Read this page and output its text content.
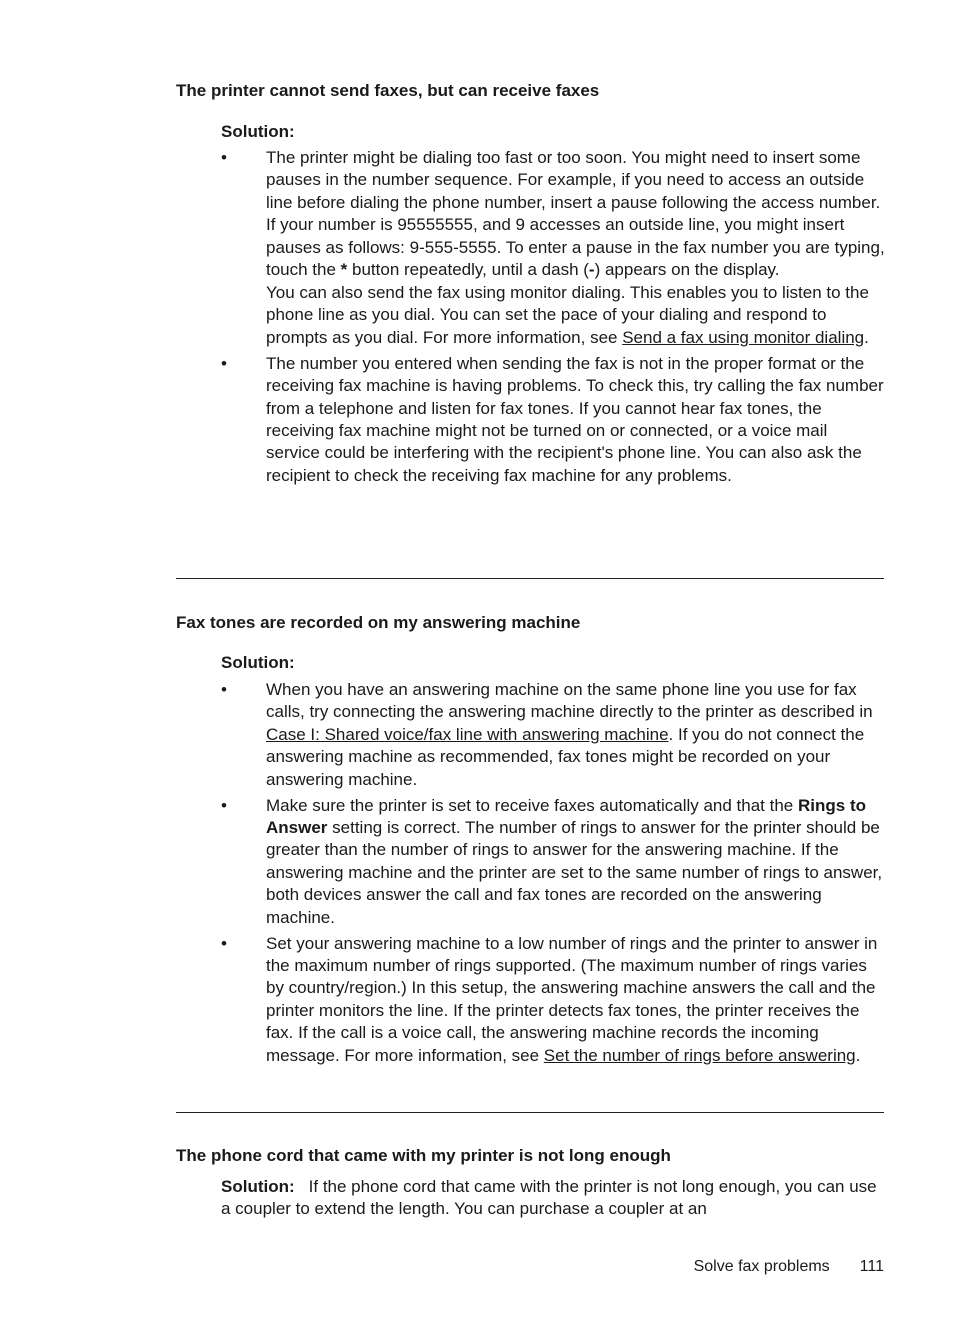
The printer cannot send faxes, but can receive faxes

Solution:

• The printer might be dialing too fast or too soon. You might need to insert some pauses in the number sequence. For example, if you need to access an outside line before dialing the phone number, insert a pause following the access number. If your number is 95555555, and 9 accesses an outside line, you might insert pauses as follows: 9-555-5555. To enter a pause in the fax number you are typing, touch the * button repeatedly, until a dash (-) appears on the display.

You can also send the fax using monitor dialing. This enables you to listen to the phone line as you dial. You can set the pace of your dialing and respond to prompts as you dial. For more information, see Send a fax using monitor dialing.

• The number you entered when sending the fax is not in the proper format or the receiving fax machine is having problems. To check this, try calling the fax number from a telephone and listen for fax tones. If you cannot hear fax tones, the receiving fax machine might not be turned on or connected, or a voice mail service could be interfering with the recipient's phone line. You can also ask the recipient to check the receiving fax machine for any problems.

Fax tones are recorded on my answering machine

Solution:

• When you have an answering machine on the same phone line you use for fax calls, try connecting the answering machine directly to the printer as described in Case I: Shared voice/fax line with answering machine. If you do not connect the answering machine as recommended, fax tones might be recorded on your answering machine.

• Make sure the printer is set to receive faxes automatically and that the Rings to Answer setting is correct. The number of rings to answer for the printer should be greater than the number of rings to answer for the answering machine. If the answering machine and the printer are set to the same number of rings to answer, both devices answer the call and fax tones are recorded on the answering machine.

• Set your answering machine to a low number of rings and the printer to answer in the maximum number of rings supported. (The maximum number of rings varies by country/region.) In this setup, the answering machine answers the call and the printer monitors the line. If the printer detects fax tones, the printer receives the fax. If the call is a voice call, the answering machine records the incoming message. For more information, see Set the number of rings before answering.

The phone cord that came with my printer is not long enough

Solution: If the phone cord that came with the printer is not long enough, you can use a coupler to extend the length. You can purchase a coupler at an

Solve fax problems 111
